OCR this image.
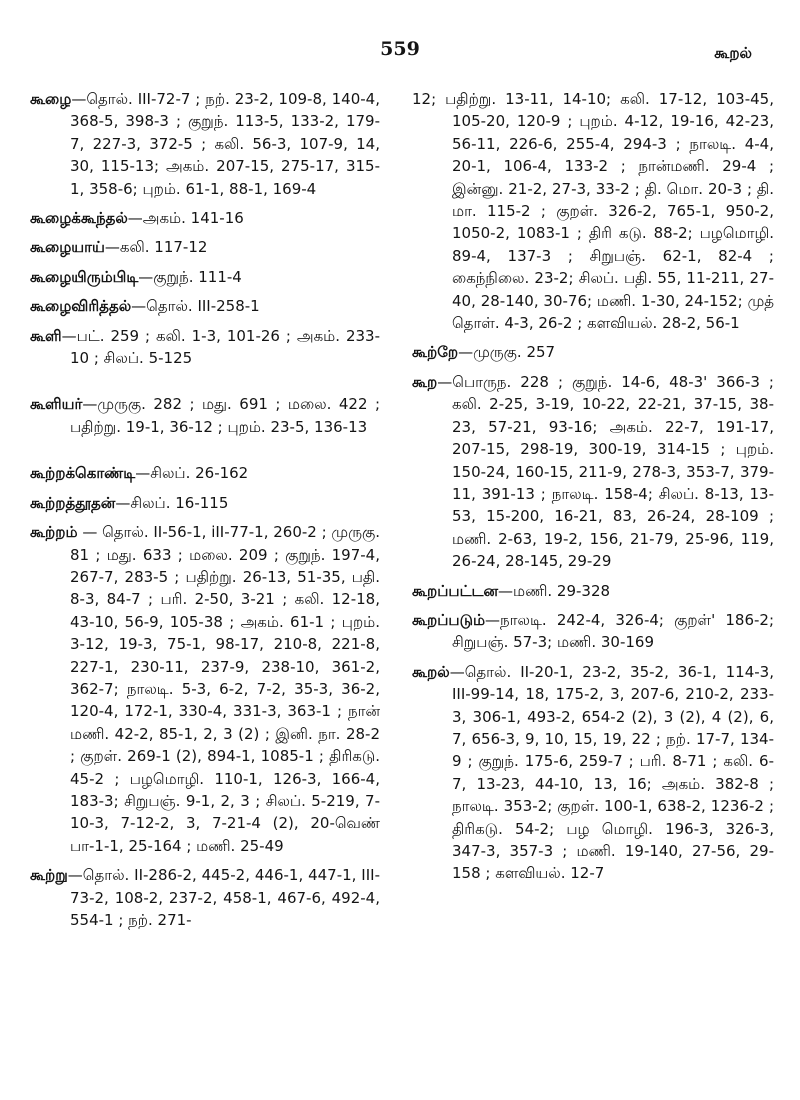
559	கூறல்

கூழை—தொல். III-72-7 ; நற். 23-2, 109-8, 140-4, 368-5, 398-3 ; குறுந். 113-5, 133-2, 179-7, 227-3, 372-5 ; கலி. 56-3, 107-9, 14, 30, 115-13; அகம். 207-15, 275-17, 315-1, 358-6; புறம். 61-1, 88-1, 169-4

கூழைக்கூந்தல்—அகம். 141-16

கூழையாய்—கலி. 117-12

கூழையிரும்பிடி—குறுந். 111-4

கூழைவிரித்தல்—தொல். III-258-1

கூளி—பட். 259 ; கலி. 1-3, 101-26 ; அகம். 233-10 ; சிலப். 5-125

கூளியர்—முருகு. 282 ; மது. 691 ; மலை. 422 ; பதிற்று. 19-1, 36-12 ; புறம். 23-5, 136-13

கூற்றக்கொண்டி—சிலப். 26-162

கூற்றத்தூதன்—சிலப். 16-115

கூற்றம் — தொல். II-56-1, iII-77-1, 260-2 ; முருகு. 81 ; மது. 633 ; மலை. 209 ; குறுந். 197-4, 267-7, 283-5 ; பதிற்று. 26-13, 51-35, பதி. 8-3, 84-7 ; பரி. 2-50, 3-21 ; கலி. 12-18, 43-10, 56-9, 105-38 ; அகம். 61-1 ; புறம். 3-12, 19-3, 75-1, 98-17, 210-8, 221-8, 227-1, 230-11, 237-9, 238-10, 361-2, 362-7; நாலடி. 5-3, 6-2, 7-2, 35-3, 36-2, 120-4, 172-1, 330-4, 331-3, 363-1 ; நான் மணி. 42-2, 85-1, 2, 3 (2) ; இனி. நா. 28-2 ; குறள். 269-1 (2), 894-1, 1085-1 ; திரிகடு. 45-2 ; பழமொழி. 110-1, 126-3, 166-4, 183-3; சிறுபஞ். 9-1, 2, 3 ; சிலப். 5-219, 7-10-3, 7-12-2, 3, 7-21-4 (2), 20-வெண் பா-1-1, 25-164 ; மணி. 25-49

கூற்று—தொல். II-286-2, 445-2, 446-1, 447-1, III-73-2, 108-2, 237-2, 458-1, 467-6, 492-4, 554-1 ; நற். 271-

12; பதிற்று. 13-11, 14-10; கலி. 17-12, 103-45, 105-20, 120-9 ; புறம். 4-12, 19-16, 42-23, 56-11, 226-6, 255-4, 294-3 ; நாலடி. 4-4, 20-1, 106-4, 133-2 ; நான்மணி. 29-4 ; இன்னு. 21-2, 27-3, 33-2 ; தி. மொ. 20-3 ; தி. மா. 115-2 ; குறள். 326-2, 765-1, 950-2, 1050-2, 1083-1 ; திரி கடு. 88-2; பழமொழி. 89-4, 137-3 ; சிறுபஞ். 62-1, 82-4 ; கைந்நிலை. 23-2; சிலப். பதி. 55, 11-211, 27-40, 28-140, 30-76; மணி. 1-30, 24-152; முத் தொள். 4-3, 26-2 ; களவியல். 28-2, 56-1

கூற்றே—முருகு. 257

கூற—பொருந. 228 ; குறுந். 14-6, 48-3' 366-3 ; கலி. 2-25, 3-19, 10-22, 22-21, 37-15, 38-23, 57-21, 93-16; அகம். 22-7, 191-17, 207-15, 298-19, 300-19, 314-15 ; புறம். 150-24, 160-15, 211-9, 278-3, 353-7, 379-11, 391-13 ; நாலடி. 158-4; சிலப். 8-13, 13-53, 15-200, 16-21, 83, 26-24, 28-109 ; மணி. 2-63, 19-2, 156, 21-79, 25-96, 119, 26-24, 28-145, 29-29

கூறப்பட்டன—மணி. 29-328

கூறப்படும்—நாலடி. 242-4, 326-4; குறள்' 186-2; சிறுபஞ். 57-3; மணி. 30-169

கூறல்—தொல். II-20-1, 23-2, 35-2, 36-1, 114-3, III-99-14, 18, 175-2, 3, 207-6, 210-2, 233-3, 306-1, 493-2, 654-2 (2), 3 (2), 4 (2), 6, 7, 656-3, 9, 10, 15, 19, 22 ; நற். 17-7, 134-9 ; குறுந். 175-6, 259-7 ; பரி. 8-71 ; கலி. 6-7, 13-23, 44-10, 13, 16; அகம். 382-8 ; நாலடி. 353-2; குறள். 100-1, 638-2, 1236-2 ; திரிகடு. 54-2; பழ மொழி. 196-3, 326-3, 347-3, 357-3 ; மணி. 19-140, 27-56, 29-158 ; களவியல். 12-7
